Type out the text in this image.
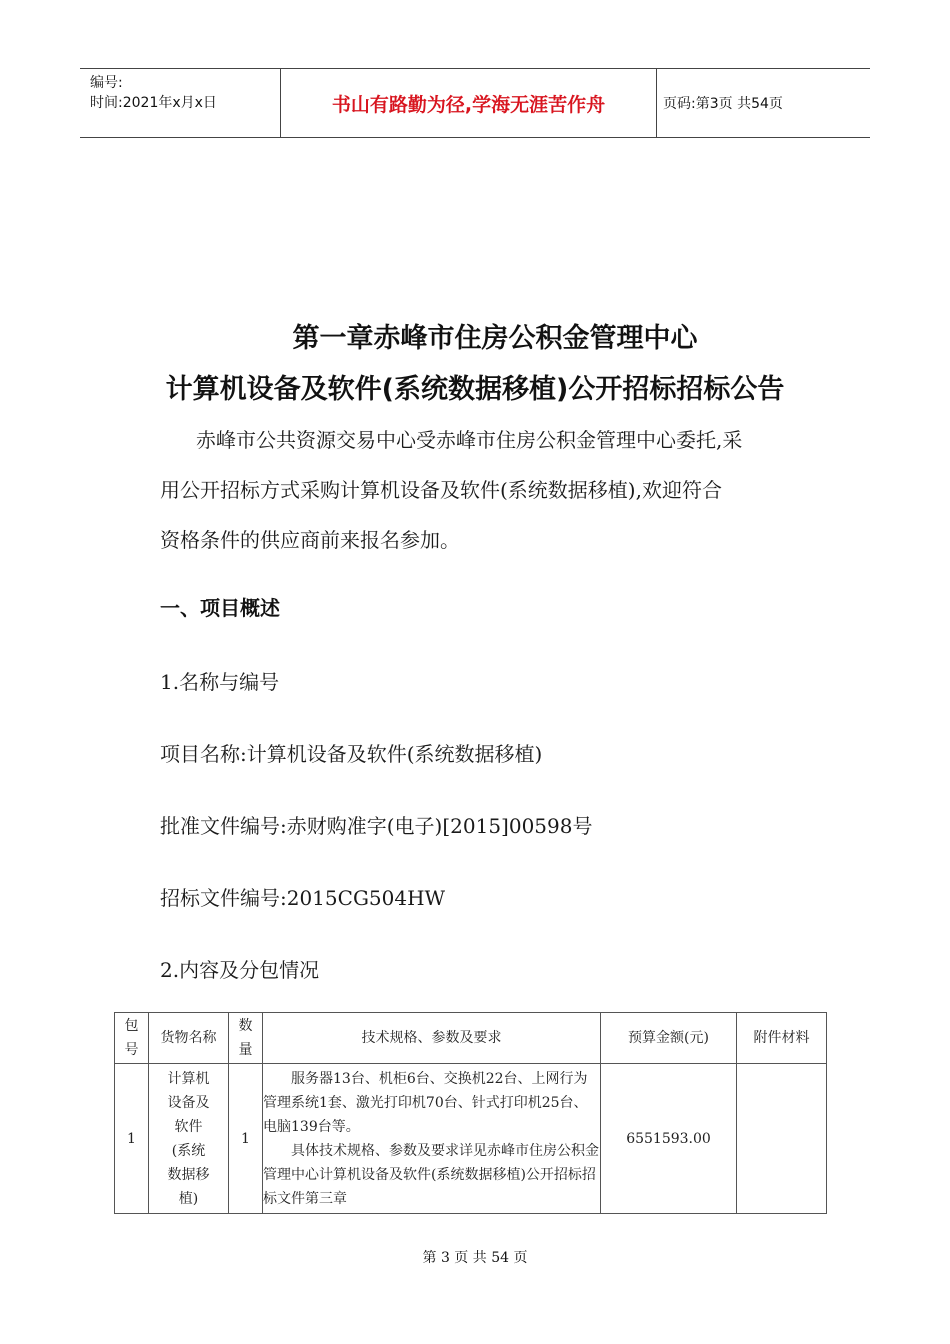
编号:
时间:2021年x月x日	书山有路勤为径,学海无涯苦作舟	页码:第3页 共54页
第一章赤峰市住房公积金管理中心
计算机设备及软件(系统数据移植)公开招标招标公告
赤峰市公共资源交易中心受赤峰市住房公积金管理中心委托,采
用公开招标方式采购计算机设备及软件(系统数据移植),欢迎符合
资格条件的供应商前来报名参加。
一、项目概述
1.名称与编号
项目名称:计算机设备及软件(系统数据移植)
批准文件编号:赤财购准字(电子)[2015]00598号
招标文件编号:2015CG504HW
2.内容及分包情况
包号	货物名称	数量	技术规格、参数及要求	预算金额(元)	附件材料
1	计算机设备及软件(系统数据移植)	1	服务器13台、机柜6台、交换机22台、上网行为管理系统1套、激光打印机70台、针式打印机25台、电脑139台等。

具体技术规格、参数及要求详见赤峰市住房公积金管理中心计算机设备及软件(系统数据移植)公开招标招标文件第三章	6551593.00	
第 3 页 共 54 页
